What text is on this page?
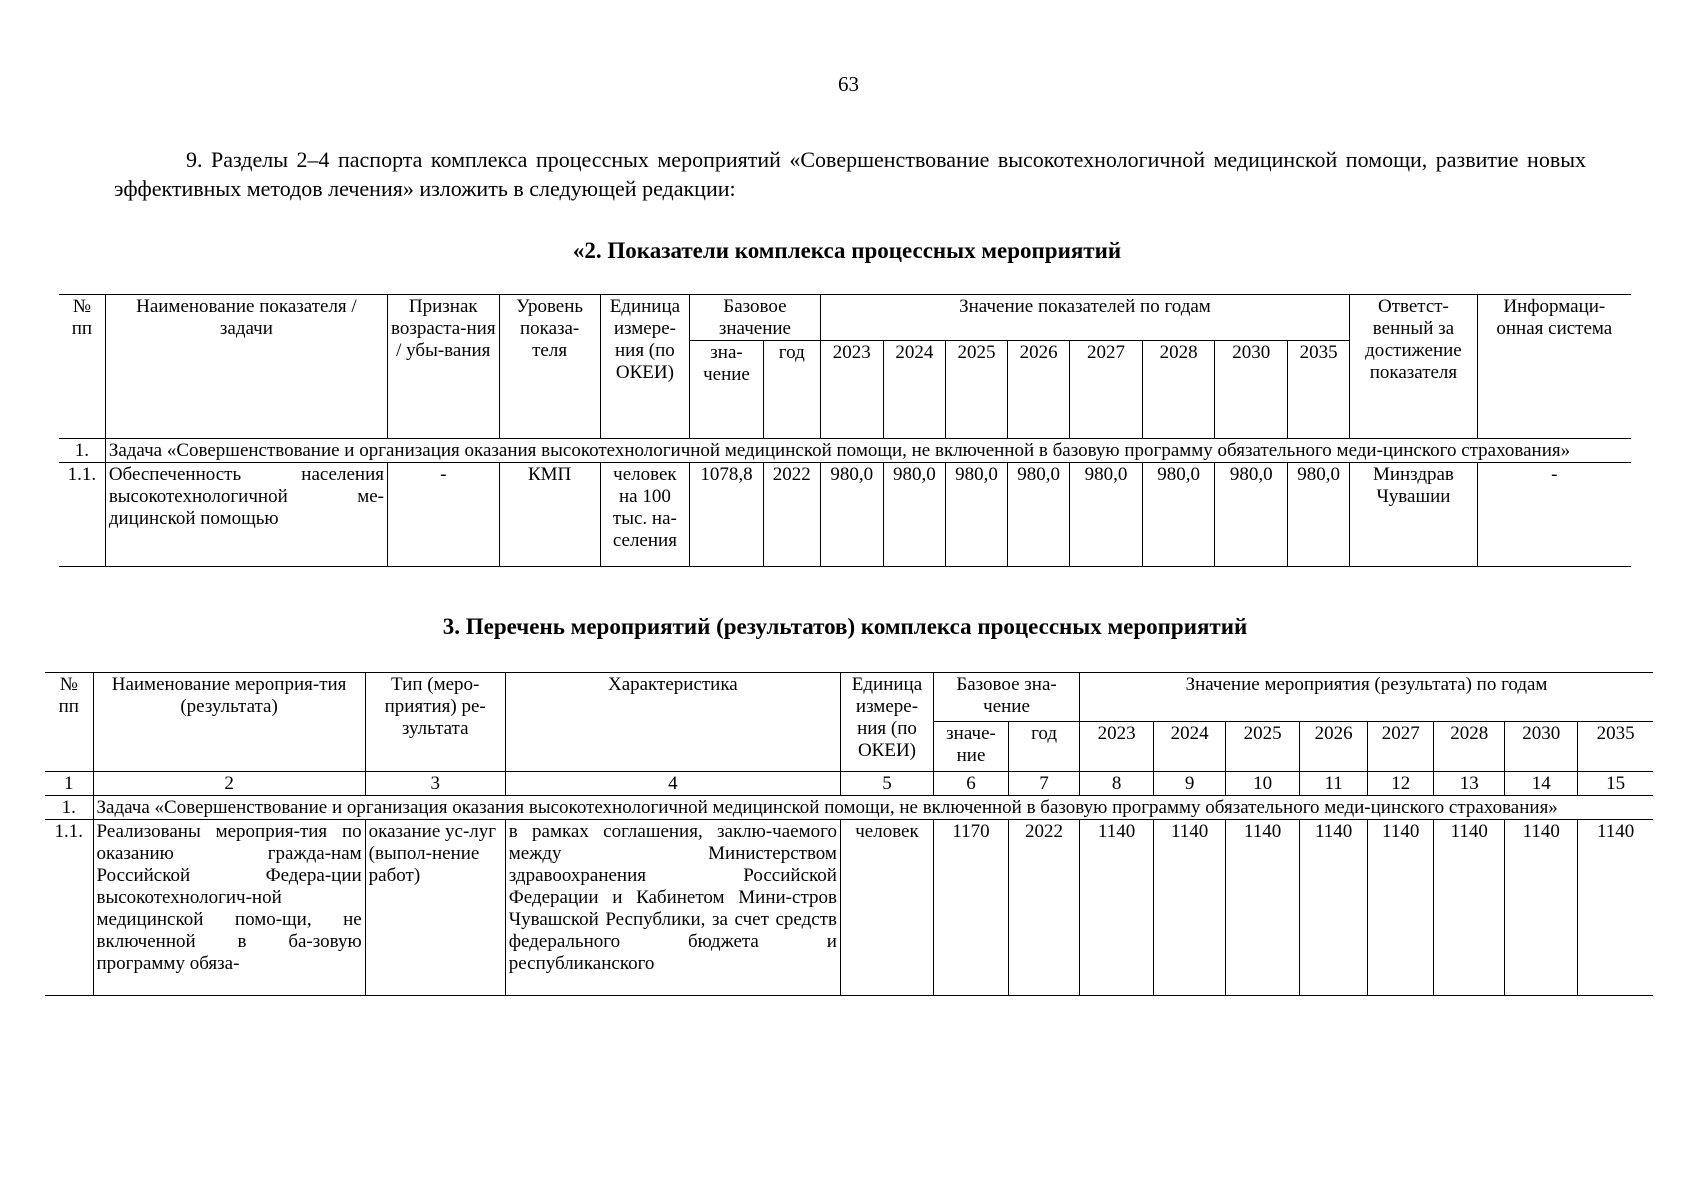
63

9. Разделы 2–4 паспорта комплекса процессных мероприятий «Совершенствование высокотехнологичной медицинской помощи, развитие новых эффективных методов лечения» изложить в следующей редакции:

«2. Показатели комплекса процессных мероприятий
№ пп	Наименование показателя / задачи	Признак возраста-ния / убы-вания	Уровень показа-теля	Единица измере-ния (по ОКЕИ)	Базовое значение		Значение показателей по годам								Ответст-венный за достижение показателя	Информаци-онная система
					зна-чение	год	2023	2024	2025	2026	2027	2028	2030	2035		
1.	Задача «Совершенствование и организация оказания высокотехнологичной медицинской помощи, не включенной в базовую программу обязательного меди-цинского страхования»															
1.1.	Обеспеченность населения высокотехнологичной ме-дицинской помощью	-	КМП	человек на 100 тыс. на-селения	1078,8	2022	980,0	980,0	980,0	980,0	980,0	980,0	980,0	980,0	Минздрав Чувашии	-
3. Перечень мероприятий (результатов) комплекса процессных мероприятий
№ пп	Наименование мероприя-тия (результата)	Тип (меро-приятия) ре-зультата	Характеристика	Единица измере-ния (по ОКЕИ)	Базовое зна-чение		Значение мероприятия (результата) по годам							
					значе-ние	год	2023	2024	2025	2026	2027	2028	2030	2035
1	2	3	4	5	6	7	8	9	10	11	12	13	14	15
1.	Задача «Совершенствование и организация оказания высокотехнологичной медицинской помощи, не включенной в базовую программу обязательного меди-цинского страхования»													
1.1.	Реализованы мероприя-тия по оказанию гражда-нам Российской Федера-ции высокотехнологич-ной медицинской помо-щи, не включенной в ба-зовую программу обяза-	оказание ус-луг (выпол-нение работ)	в рамках соглашения, заклю-чаемого между Министерством здравоохранения Российской Федерации и Кабинетом Мини-стров Чувашской Республики, за счет средств федерального бюджета и республиканского	человек	1170	2022	1140	1140	1140	1140	1140	1140	1140	1140
